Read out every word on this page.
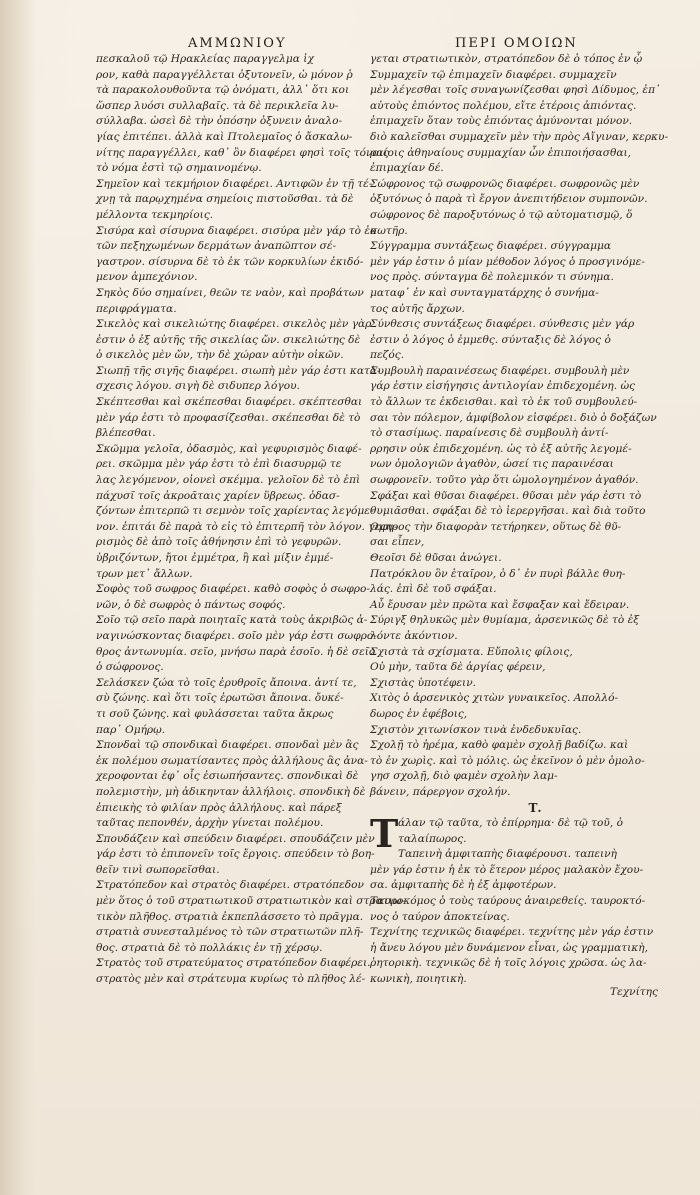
ΑΜΜΩΝΙΟΥ	ΠΕΡΙ ΟΜΟΙΩΝ
πεσκαλοῦ τῷ Ηρακλείας παραγγελμα ἰχ
ρον, καθὰ παραγγέλλεται ὀξυτονεῖν, ὡ μόνον ῥ
τὰ παρακολουθοῦντα τῷ ὀνόματι, ἀλλ᾽ ὅτι κοι
ὥσπερ λυόσι συλλαβαῖς. τὰ δὲ περικλεῖα λυ-
σύλλαβα. ὡσεὶ δὲ τὴν ὁπόσην ὀξυνειν ἀναλο-
γίας ἐπιτέπει. ἀλλὰ καὶ Πτολεμαῖος ὁ ἄσκαλω-
νίτης παραγγέλλει, καθ᾽ ὃν διαφέρει φησὶ τοῖς τόνοις
τὸ νόμα ἐστὶ τῷ σημαινομένῳ.
Σημεῖον καὶ τεκμήριον διαφέρει. Αντιφῶν ἐν τῇ τέ-
χνῃ τὰ παρῳχημένα σημείοις πιστοῦσθαι. τὰ δὲ
μέλλοντα τεκμηρίοις.
Σισύρα καὶ σίσυρνα διαφέρει. σισύρα μὲν γάρ τὸ ἐκ
τῶν πεξηχωμένων δερμάτων ἀναπῶπτον σέ-
γαστρον. σίσυρνα δὲ τὸ ἐκ τῶν κορκυλίων ἐκιδό-
μενον ἀμπεχόνιον.
Σηκὸς δύο σημαίνει, θεῶν τε ναὸν, καὶ προβάτων
περιφράγματα.
Σικελὸς καὶ σικελιώτης διαφέρει. σικελὸς μὲν γὰρ
ἐστιν ὁ ἐξ αὐτῆς τῆς σικελίας ὤν. σικελιώτης δὲ
ὁ σικελὸς μὲν ὤν, τὴν δὲ χώραν αὐτὴν οἰκῶν.
Σιωπῇ τῆς σιγῆς διαφέρει. σιωπὴ μὲν γάρ ἐστι κατὰ-
σχεσις λόγου. σιγὴ δὲ σιδυπερ λόγου.
Σκέπτεσθαι καὶ σκέπεσθαι διαφέρει. σκέπτεσθαι
μὲν γάρ ἐστι τὸ προφασίζεσθαι. σκέπεσθαι δὲ τὸ
βλέπεσθαι.
Σκῶμμα γελοῖα, ὀδασμὸς, καὶ γεφυρισμὸς διαφέ-
ρει. σκῶμμα μὲν γάρ ἐστι τὸ ἐπὶ διασυρμῷ τε
λας λεγόμενον, οἱονεὶ σκέμμα. γελοῖον δὲ τὸ ἐπὶ
πάχυσῖ τοῖς ἀκροᾶταις χαρίεν ὕβρεως. ὀδασ-
ζόντων ἐπιτερπῶ τι σεμνὸν τοῖς χαρίεντας λεγόμε-
νον. ἐπιτάι δὲ παρὰ τὸ εἰς τὸ ἐπιτερπῆ τὸν λόγον. γεφυ-
ρισμὸς δὲ ἀπὸ τοῖς ἀθήνησιν ἐπὶ τὸ γεφυρῶν.
ὑβριζόντων, ἤτοι ἐμμέτρα, ἢ καὶ μίξιν ἐμμέ-
τρων μετ᾽ ἄλλων.
Σοφὸς τοῦ σωφρος διαφέρει. καθὸ σοφὸς ὁ σωφρο-
νῶν, ὁ δὲ σωφρὸς ὁ πάντως σοφός.
Σοῖο τῷ σεῖο παρὰ ποιηταῖς κατὰ τοὺς ἀκριβῶς ἀ-
ναγινώσκοντας διαφέρει. σοῖο μὲν γάρ ἐστι σωφρο-
θρος ἀντωνυμία. σεῖο, μνήσω παρὰ ἐσοῖο. ἡ δὲ σεῖο
ὁ σώφρονος.
Σελάσκεν ζώα τὸ τοῖς ἐρυθροῖς ἄποινα. ἀντί τε,
σὺ ζώνης. καὶ ὅτι τοῖς ἐρωτῶσι ἄποινα. ὄυκέ-
τι σοῦ ζώνης. καὶ φυλάσσεται ταῦτα ἄκρως
παρ᾽ Ομήρῳ.
Σπονδαὶ τῷ σπονδικαὶ διαφέρει. σπονδαὶ μὲν ἃς
ἐκ πολέμου σωματίσαντες πρὸς ἀλλήλους ἂς ἀνα-
χεροφονται ἐφ᾽ οἷς ἐσιωπήσαντες. σπονδικαὶ δὲ
πολεμιστὴν, μὴ ἀδικηνταν ἀλλήλοις. σπονδικὴ δὲ
ἐπιεικὴς τὸ φιλίαν πρὸς ἀλλήλους. καὶ πάρεξ
ταῦτας πεπονθέν, ἀρχὴν γίνεται πολέμου.
Σπουδάζειν καὶ σπεύδειν διαφέρει. σπουδάζειν μὲν
γάρ ἐστι τὸ ἐπιπονεῖν τοῖς ἔργοις. σπεύδειν τὸ βοη-
θεῖν τινὶ σωπορεῖσθαι.
Στρατόπεδον καὶ στρατὸς διαφέρει. στρατόπεδον
μὲν ὅτος ὁ τοῦ στρατιωτικοῦ στρατιωτικὸν καὶ στρατιω-
τικὸν πλῆθος. στρατιὰ ἐκπεπλάσσετο τὸ πρᾶγμα.
στρατιὰ συνεσταλμένος τὸ τῶν στρατιωτῶν πλῆ-
θος. στρατιὰ δὲ τὸ πολλάκις ἐν τῇ χέρσῳ.
Στρατὸς τοῦ στρατεύματος στρατόπεδον διαφέρει.
στρατὸς μὲν καὶ στράτευμα κυρίως τὸ πλῆθος λέ-
γεται στρατιωτικὸν, στρατόπεδον δὲ ὁ τόπος ἐν ᾧ
Συμμαχεῖν τῷ ἐπιμαχεῖν διαφέρει. συμμαχεῖν
μὲν λέγεσθαι τοῖς συναγωνίζεσθαι φησὶ Δίδυμος, ἐπ᾽
αὐτοὺς ἐπιόντος πολέμου, εἴτε ἑτέροις ἀπιόντας.
ἐπιμαχεῖν ὅταν τοὺς ἐπιόντας ἀμύνονται μόνον.
διὸ καλεῖσθαι συμμαχεῖν μὲν τὴν πρὸς Αἴγιναν, κερκυ-
ραίοις ἀθηναίους συμμαχίαν ὦν ἐπιποιήσασθαι,
ἐπιμαχίαν δέ.
Σώφρονος τῷ σωφρονῶς διαφέρει. σωφρονῶς μὲν
ὀξυτόνως ὁ παρὰ τὶ ἔργον ἀνεπιτήδειον συμπονῶν.
σώφρονος δὲ παροξυτόνως ὁ τῷ αὐτοματισμῷ, ὅ
σωτῆρ.
Σύγγραμμα συντάξεως διαφέρει. σύγγραμμα
μὲν γάρ ἐστιν ὁ μίαν μέθοδον λόγος ὁ προσγινόμε-
νος πρὸς. σύνταγμα δὲ πολεμικόν τι σύνημα.
ματαφ᾽ ἐν καὶ συνταγματάρχης ὁ συνήμα-
τος αὐτῆς ἄρχων.
Σύνθεσις συντάξεως διαφέρει. σύνθεσις μὲν γάρ
ἐστιν ὁ λόγος ὁ ἐμμεθς. σύνταξις δὲ λόγος ὁ
πεζός.
Συμβουλὴ παραινέσεως διαφέρει. συμβουλὴ μὲν
γάρ ἐστιν εἰσήγησις ἀντιλογίαν ἐπιδεχομένη. ὡς
τὸ ἄλλων τε ἐκδεισθαι. καὶ τὸ ἐκ τοῦ συμβουλεύ-
σαι τὸν πόλεμον, ἀμφίβολον εἰσφέρει. διὸ ὁ δοξάζων
τὸ στασίμως. παραίνεσις δὲ συμβουλὴ ἀντί-
ρρησιν οὐκ ἐπιδεχομένη. ὡς τὸ ἐξ αὐτῆς λεγομέ-
νων ὁμολογιῶν ἀγαθὸν, ὡσεί τις παραινέσαι
σωφρονεῖν. τοῦτο γὰρ ὅτι ὡμολογημένον ἀγαθόν.
Σφάξαι καὶ θῦσαι διαφέρει. θῦσαι μὲν γάρ ἐστι τὸ
θυμιᾶσθαι. σφάξαι δὲ τὸ ἱερεργῆσαι. καὶ διὰ τοῦτο
Ομηρος τὴν διαφορὰν τετήρηκεν, οὕτως δὲ θῦ-
σαι εἶπεν,
Θεοῖσι δὲ θῦσαι ἀνώγει.
Πατρόκλου ὃν ἑταῖρον, ὁ δ᾽ ἐν πυρὶ βάλλε θυη-
λάς. ἐπὶ δὲ τοῦ σφάξαι.
Αὖ ἔρυσαν μὲν πρῶτα καὶ ἔσφαξαν καὶ ἔδειραν.
Σύριγξ θηλυκῶς μὲν θυμίαμα, ἀρσενικῶς δὲ τὸ ἐξ
λόντε ἀκόντιον.
Σχιστὰ τὰ σχίσματα. Εὔπολις φίλοις,
Οὐ μὴν, ταῦτα δὲ ἀργίας φέρειν,
Σχιστὰς ὑποτέφειν.
Χιτὸς ὁ ἀρσενικὸς χιτὼν γυναικεῖος. Απολλό-
δωρος ἐν ἐφέβοις,
Σχιστὸν χιτωνίσκον τινὰ ἐνδεδυκυῖας.
Σχολῇ τὸ ἠρέμα, καθὸ φαμὲν σχολῇ βαδίζω. καὶ
τὸ ἐν χωρὶς. καὶ τὸ μόλις. ὡς ἐκεῖνον ὁ μὲν ὁμολο-
γησ σχολῇ, διὸ φαμὲν σχολὴν λαμ-
βάνειν, πάρεργον σχολήν.
Τ.
Τ άλαν τῷ ταῦτα, τὸ ἐπίρρημα· δὲ τῷ τοῦ, ὁ
ταλαίπωρος.
Ταπεινὴ ἀμφιταπὴς διαφέρουσι. ταπεινὴ
μὲν γάρ ἐστιν ἡ ἐκ τὸ ἕτερον μέρος μαλακὸν ἔχου-
σα. ἀμφιταπὴς δὲ ἡ ἐξ ἀμφοτέρων.
Ταυροκόμος ὁ τοὺς ταύρους ἀναιρεθείς. ταυροκτό-
νος ὁ ταύρον ἀποκτείνας.
Τεχνίτης τεχνικῶς διαφέρει. τεχνίτης μὲν γάρ ἐστιν
ἡ ἄνευ λόγου μὲν δυνάμενον εἶναι, ὡς γραμματικὴ,
ῥητορικὴ. τεχνικῶς δὲ ἡ τοῖς λόγοις χρῶσα. ὡς λα-
κωνικὴ, ποιητικὴ.
Τεχνίτης
